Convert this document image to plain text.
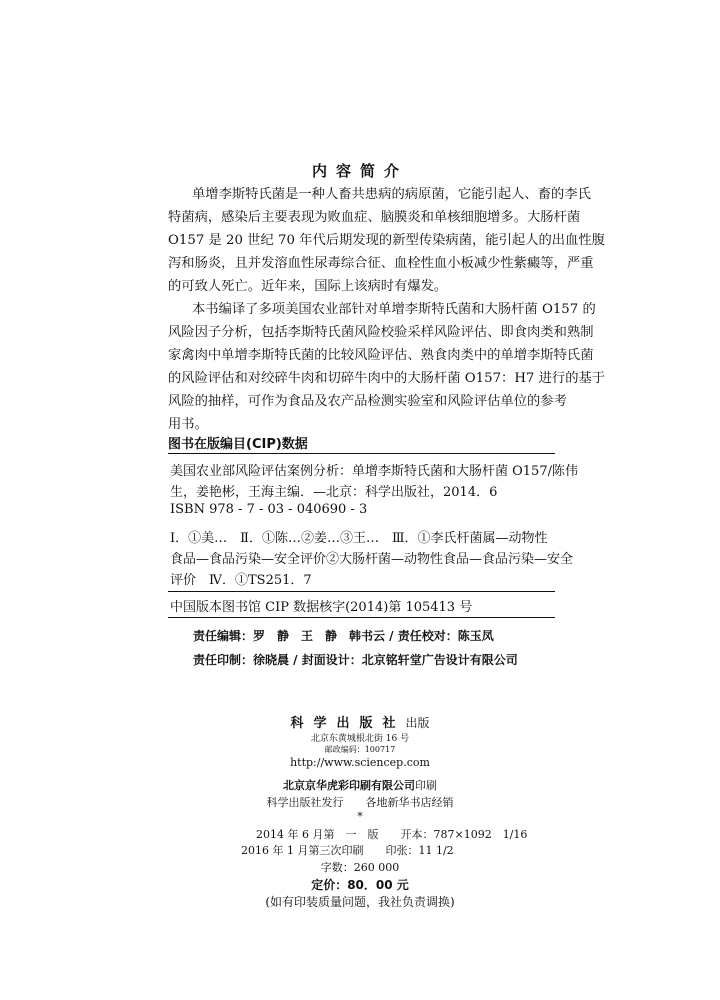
内容简介
单增李斯特氏菌是一种人畜共患病的病原菌，它能引起人、畜的李氏
特菌病，感染后主要表现为败血症、脑膜炎和单核细胞增多。大肠杆菌
O157 是 20 世纪 70 年代后期发现的新型传染病菌，能引起人的出血性腹
泻和肠炎，且并发溶血性尿毒综合征、血栓性血小板减少性紫癜等，严重
的可致人死亡。近年来，国际上该病时有爆发。
本书编译了多项美国农业部针对单增李斯特氏菌和大肠杆菌 O157 的
风险因子分析，包括李斯特氏菌风险校验采样风险评估、即食肉类和熟制
家禽肉中单增李斯特氏菌的比较风险评估、熟食肉类中的单增李斯特氏菌
的风险评估和对绞碎牛肉和切碎牛肉中的大肠杆菌 O157：H7 进行的基于
风险的抽样，可作为食品及农产品检测实验室和风险评估单位的参考
用书。
图书在版编目(CIP)数据
美国农业部风险评估案例分析：单增李斯特氏菌和大肠杆菌 O157/陈伟
生，姜艳彬，王海主编．—北京：科学出版社，2014．6
ISBN 978 - 7 - 03 - 040690 - 3
Ⅰ．①美…　Ⅱ．①陈…②姜…③王…　Ⅲ．①李氏杆菌属—动物性
食品—食品污染—安全评价②大肠杆菌—动物性食品—食品污染—安全
评价　Ⅳ．①TS251．7
中国版本图书馆 CIP 数据核字(2014)第 105413 号
责任编辑：罗　静　王　静　韩书云 / 责任校对：陈玉凤
责任印制：徐晓晨 / 封面设计：北京铭轩堂广告设计有限公司
科学出版社出版
北京东黄城根北街 16 号
邮政编码：100717
http://www.sciencep.com
北京京华虎彩印刷有限公司印刷
科学出版社发行　　各地新华书店经销
*
2014 年 6 月第　一　版　　开本：787×1092　1/16
2016 年 1 月第三次印刷　　印张：11 1/2
字数：260 000
定价：80．00 元
(如有印装质量问题，我社负责调换)
